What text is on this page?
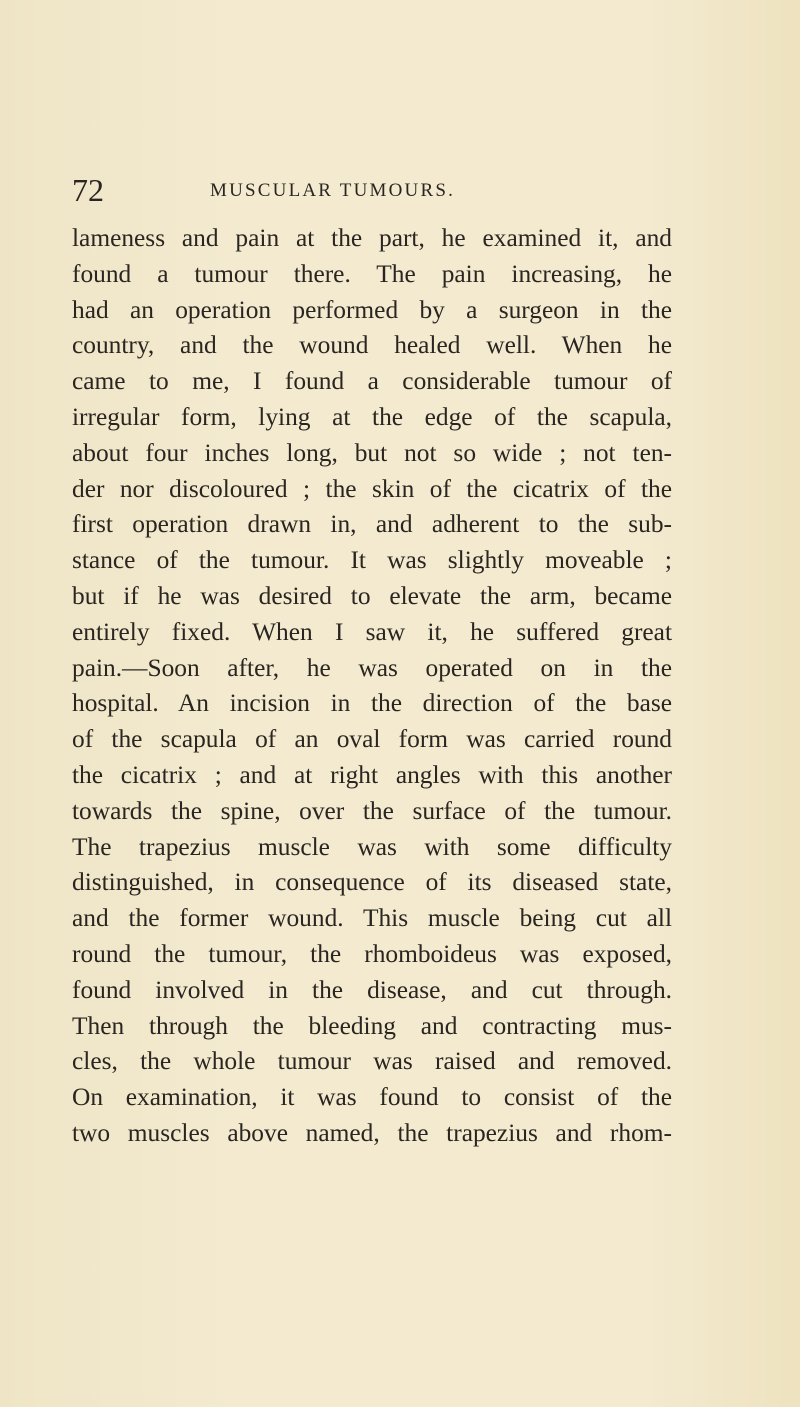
72	MUSCULAR TUMOURS.
lameness and pain at the part, he examined it, and
found a tumour there. The pain increasing, he
had an operation performed by a surgeon in the
country, and the wound healed well. When he
came to me, I found a considerable tumour of
irregular form, lying at the edge of the scapula,
about four inches long, but not so wide ; not ten-
der nor discoloured ; the skin of the cicatrix of the
first operation drawn in, and adherent to the sub-
stance of the tumour. It was slightly moveable ;
but if he was desired to elevate the arm, became
entirely fixed. When I saw it, he suffered great
pain.—Soon after, he was operated on in the
hospital. An incision in the direction of the base
of the scapula of an oval form was carried round
the cicatrix ; and at right angles with this another
towards the spine, over the surface of the tumour.
The trapezius muscle was with some difficulty
distinguished, in consequence of its diseased state,
and the former wound. This muscle being cut all
round the tumour, the rhomboideus was exposed,
found involved in the disease, and cut through.
Then through the bleeding and contracting mus-
cles, the whole tumour was raised and removed.
On examination, it was found to consist of the
two muscles above named, the trapezius and rhom-
